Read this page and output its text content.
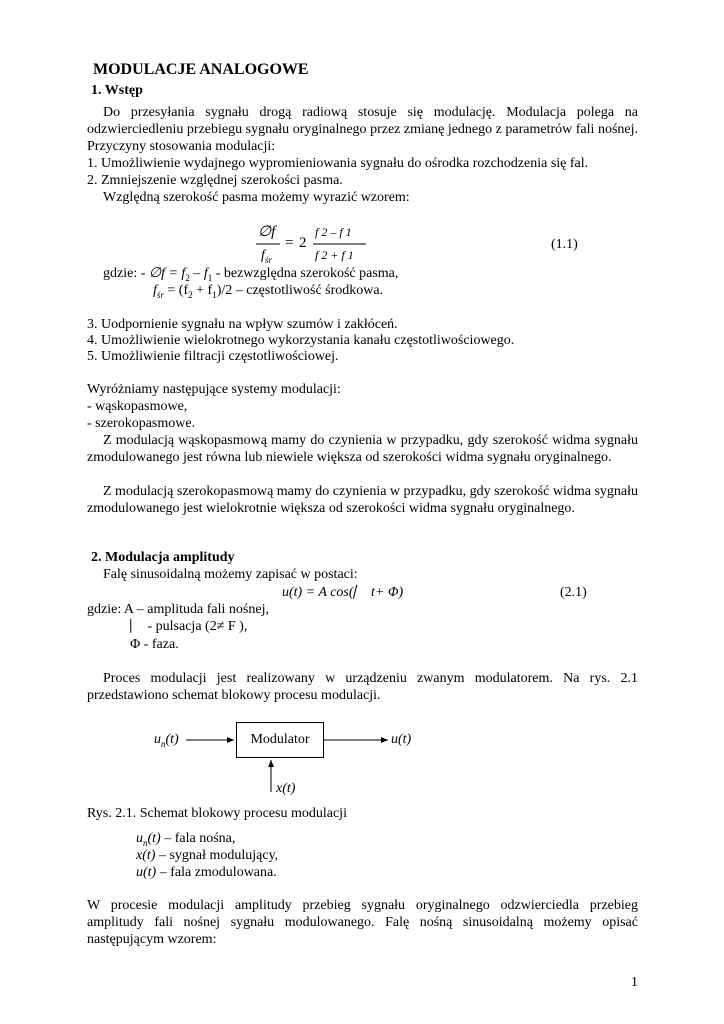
MODULACJE ANALOGOWE
1. Wstęp
Do przesyłania sygnału drogą radiową stosuje się modulację. Modulacja polega na odzwierciedleniu przebiegu sygnału oryginalnego przez zmianę jednego z parametrów fali nośnej. Przyczyny stosowania modulacji:
1. Umożliwienie wydajnego wypromieniowania sygnału do ośrodka rozchodzenia się fal.
2. Zmniejszenie względnej szerokości pasma.
Względną szerokość pasma możemy wyrazić wzorem:
∅f
$f_{śr}$
= 2
f 2 – f 1
f 2 + f 1
(1.1)
gdzie: - ∅f = $f_2 - f_1$ - bezwzględna szerokość pasma,
$f_{śr} = (f_2 + f_1)/2$ – częstotliwość środkowa.
3. Uodpornienie sygnału na wpływ szumów i zakłóceń.
4. Umożliwienie wielokrotnego wykorzystania kanału częstotliwościowego.
5. Umożliwienie filtracji częstotliwościowej.
Wyróżniamy następujące systemy modulacji:
- wąskopasmowe,
- szerokopasmowe.
Z modulacją wąskopasmową mamy do czynienia w przypadku, gdy szerokość widma sygnału zmodulowanego jest równa lub niewiele większa od szerokości widma sygnału oryginalnego.
Z modulacją szerokopasmową mamy do czynienia w przypadku, gdy szerokość widma sygnału zmodulowanego jest wielokrotnie większa od szerokości widma sygnału oryginalnego.
2. Modulacja amplitudy
Falę sinusoidalną możemy zapisać w postaci:
u(t) = A cos(⎸ t+ Φ)	(2.1)
gdzie: A – amplituda fali nośnej,
⎸ - pulsacja (2≠ F ),
Φ - faza.
Proces modulacji jest realizowany w urządzeniu zwanym modulatorem. Na rys. 2.1 przedstawiono schemat blokowy procesu modulacji.
$u_n(t)$	Modulator	u(t)
x(t)
Rys. 2.1. Schemat blokowy procesu modulacji
$u_n(t)$ – fala nośna,
x(t) – sygnał modulujący,
u(t) – fala zmodulowana.
W procesie modulacji amplitudy przebieg sygnału oryginalnego odzwierciedla przebieg amplitudy fali nośnej sygnału modulowanego. Falę nośną sinusoidalną możemy opisać następującym wzorem:
1
